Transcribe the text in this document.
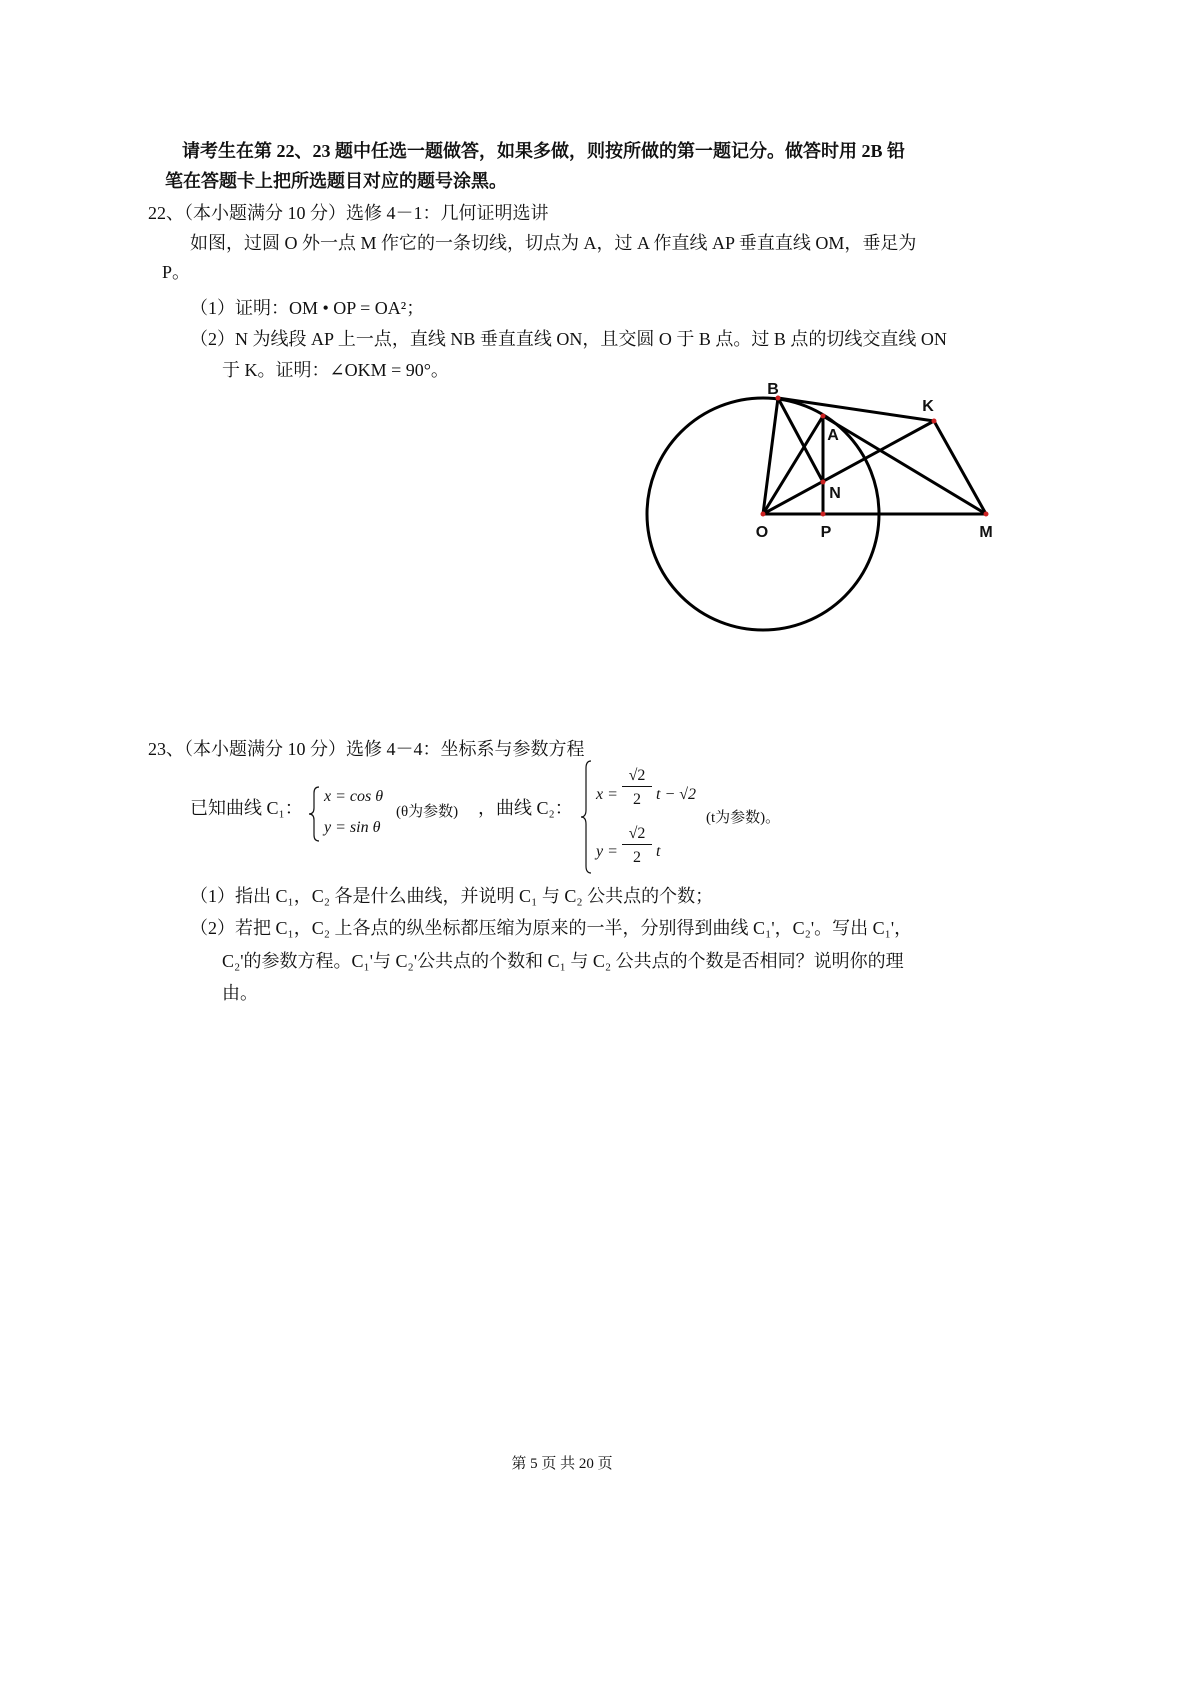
请考生在第 22、23 题中任选一题做答，如果多做，则按所做的第一题记分。做答时用 2B 铅
笔在答题卡上把所选题目对应的题号涂黑。
22、（本小题满分 10 分）选修 4－1：几何证明选讲
如图，过圆 O 外一点 M 作它的一条切线，切点为 A，过 A 作直线 AP 垂直直线 OM，垂足为
P。
（1）证明：OM • OP = OA²；
（2）N 为线段 AP 上一点，直线 NB 垂直直线 ON，且交圆 O 于 B 点。过 B 点的切线交直线 ON
于 K。证明：∠OKM = 90°。
B
K
A
N
O	P	M
23、（本小题满分 10 分）选修 4－4：坐标系与参数方程
已知曲线 C₁：
x = cos θ
y = sin θ
(θ为参数) ，曲线 C₂：
$x = \frac{√2}{2}$ t − √2
$y = \frac{√2}{2}$ t
(t为参数)。
（1）指出 C₁，C₂ 各是什么曲线，并说明 C₁ 与 C₂ 公共点的个数；
（2）若把 C₁，C₂ 上各点的纵坐标都压缩为原来的一半，分别得到曲线 C₁'，C₂'。写出 C₁'，
C₂'的参数方程。C₁'与 C₂'公共点的个数和 C₁ 与 C₂ 公共点的个数是否相同？说明你的理
由。
第 5 页 共 20 页
